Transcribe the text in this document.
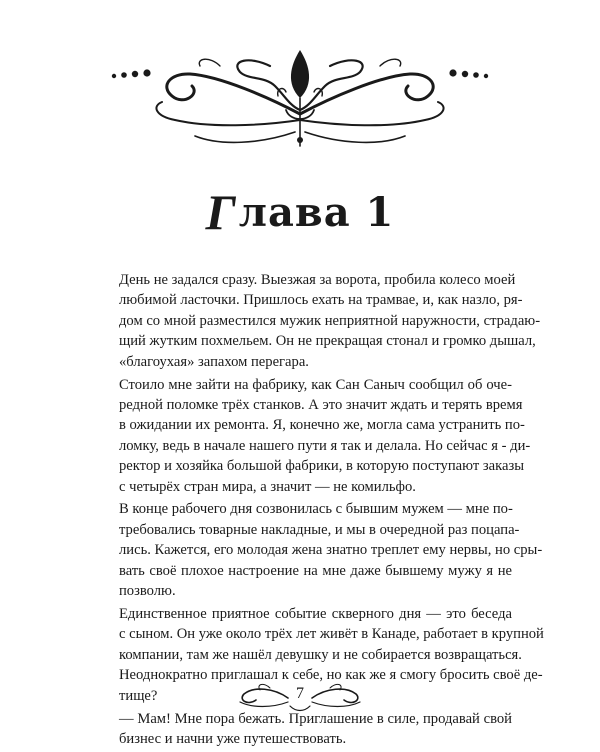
Глава 1

День не задался сразу. Выезжая за ворота, пробила колесо моей
любимой ласточки. Пришлось ехать на трамвае, и, как назло, ря-
дом со мной разместился мужик неприятной наружности, страдаю-
щий жутким похмельем. Он не прекращая стонал и громко дышал,
«благоухая» запахом перегара.

Стоило мне зайти на фабрику, как Сан Саныч сообщил об оче-
редной поломке трёх станков. А это значит ждать и терять время
в ожидании их ремонта. Я, конечно же, могла сама устранить по-
ломку, ведь в начале нашего пути я так и делала. Но сейчас я - ди-
ректор и хозяйка большой фабрики, в которую поступают заказы
с четырёх стран мира, а значит — не комильфо.

В конце рабочего дня созвонилась с бывшим мужем — мне по-
требовались товарные накладные, и мы в очередной раз поцапа-
лись. Кажется, его молодая жена знатно треплет ему нервы, но сры-
вать своё плохое настроение на мне даже бывшему мужу я не
позволю.

Единственное приятное событие скверного дня — это беседа
с сыном. Он уже около трёх лет живёт в Канаде, работает в крупной
компании, там же нашёл девушку и не собирается возвращаться.
Неоднократно приглашал к себе, но как же я смогу бросить своё де-
тище?

— Мам! Мне пора бежать. Приглашение в силе, продавай свой
бизнес и начни уже путешествовать.

7
